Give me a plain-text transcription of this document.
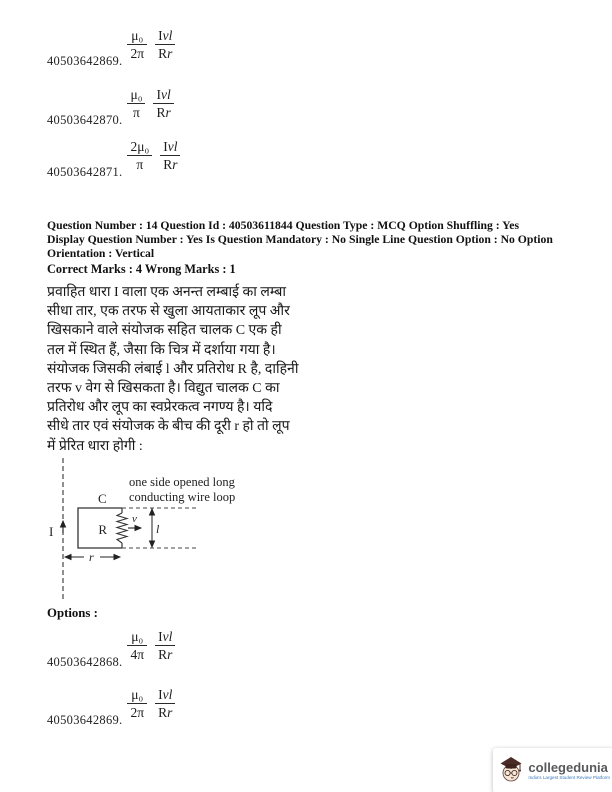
40503642869. $\frac{\text{μ₀}}{2\pi} \frac{\text{Ivl}}{Rr}$
40503642870. $\frac{\text{μ₀}}{\pi} \frac{\text{Ivl}}{Rr}$
40503642871. $\frac{\text{2μ₀}}{\pi} \frac{\text{Ivl}}{Rr}$
Question Number : 14 Question Id : 40503611844 Question Type : MCQ Option Shuffling : Yes
Display Question Number : Yes Is Question Mandatory : No Single Line Question Option : No Option
Orientation : Vertical
Correct Marks : 4 Wrong Marks : 1
प्रवाहित धारा I वाला एक अनन्त लम्बाई का लम्बा
सीधा तार, एक तरफ से खुला आयताकार लूप और
खिसकाने वाले संयोजक सहित चालक C एक ही
तल में स्थित हैं, जैसा कि चित्र में दर्शाया गया है।
संयोजक जिसकी लंबाई l और प्रतिरोध R है, दाहिनी
तरफ v वेग से खिसकता है। विद्युत चालक C का
प्रतिरोध और लूप का स्वप्रेरकत्व नगण्य है। यदि
सीधे तार एवं संयोजक के बीच की दूरी r हो तो लूप
में प्रेरित धारा होगी :
I
C
R
v
l
r
one side opened long
conducting wire loop
Options :
40503642868. $\frac{\text{μ₀}}{4\pi} \frac{\text{Ivl}}{Rr}$
40503642869. $\frac{\text{μ₀}}{2\pi} \frac{\text{Ivl}}{Rr}$
collegedunia
India's Largest Student Review Platform
